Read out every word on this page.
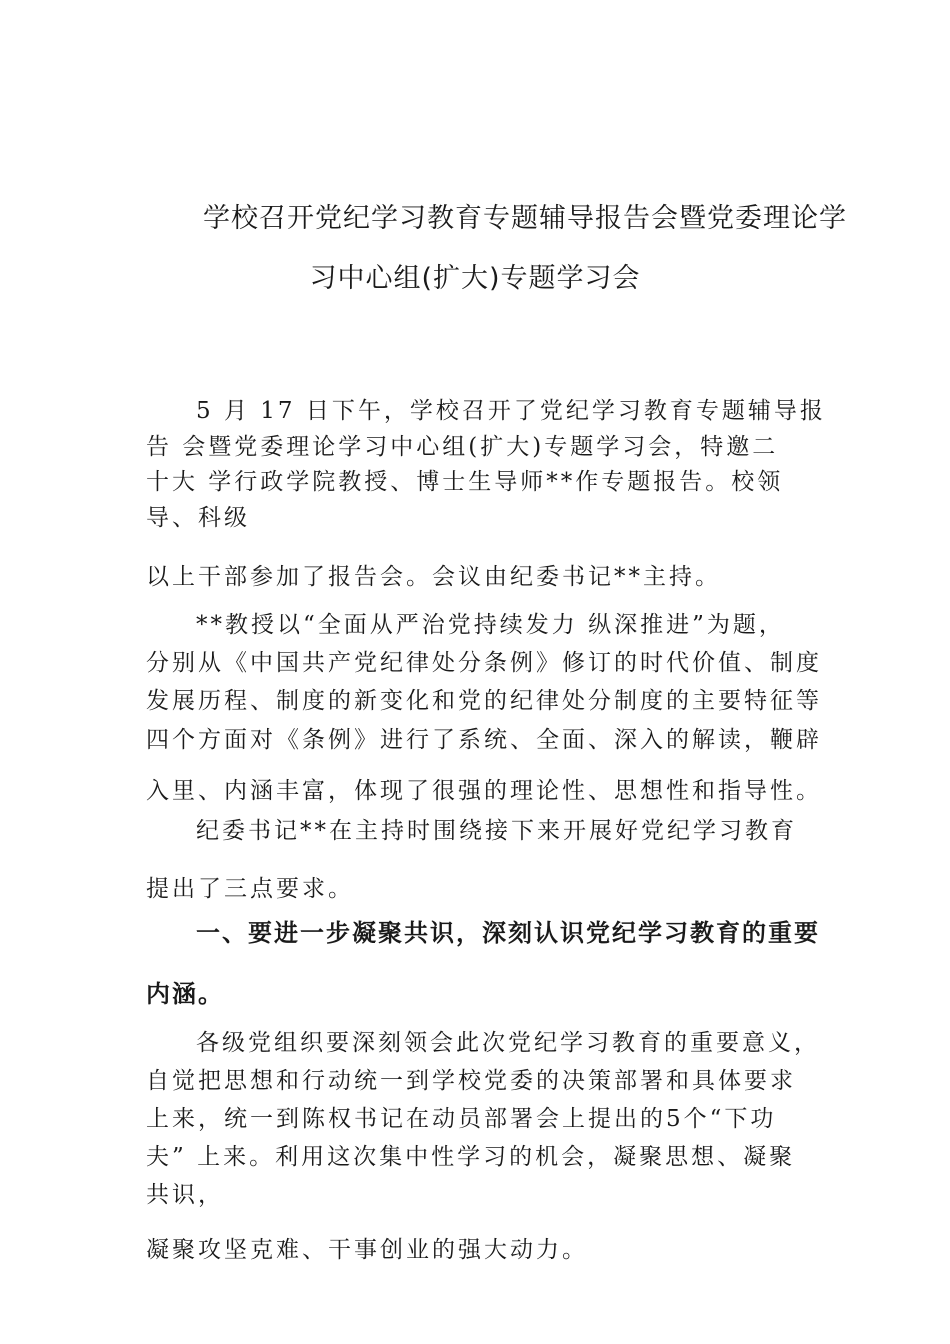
学校召开党纪学习教育专题辅导报告会暨党委理论学
习中心组(扩大)专题学习会
5 月 17 日下午，学校召开了党纪学习教育专题辅导报
告 会暨党委理论学习中心组(扩大)专题学习会，特邀二
十大 学行政学院教授、博士生导师**作专题报告。校领
导、科级
以上干部参加了报告会。会议由纪委书记**主持。
**教授以“全面从严治党持续发力 纵深推进”为题，
分别从《中国共产党纪律处分条例》修订的时代价值、制度
发展历程、制度的新变化和党的纪律处分制度的主要特征等
四个方面对《条例》进行了系统、全面、深入的解读，鞭辟
入里、内涵丰富，体现了很强的理论性、思想性和指导性。
纪委书记**在主持时围绕接下来开展好党纪学习教育
提出了三点要求。
一、要进一步凝聚共识，深刻认识党纪学习教育的重要
内涵。
各级党组织要深刻领会此次党纪学习教育的重要意义，
自觉把思想和行动统一到学校党委的决策部署和具体要求
上来，统一到陈权书记在动员部署会上提出的5个“下功
夫” 上来。利用这次集中性学习的机会，凝聚思想、凝聚
共识，
凝聚攻坚克难、干事创业的强大动力。
